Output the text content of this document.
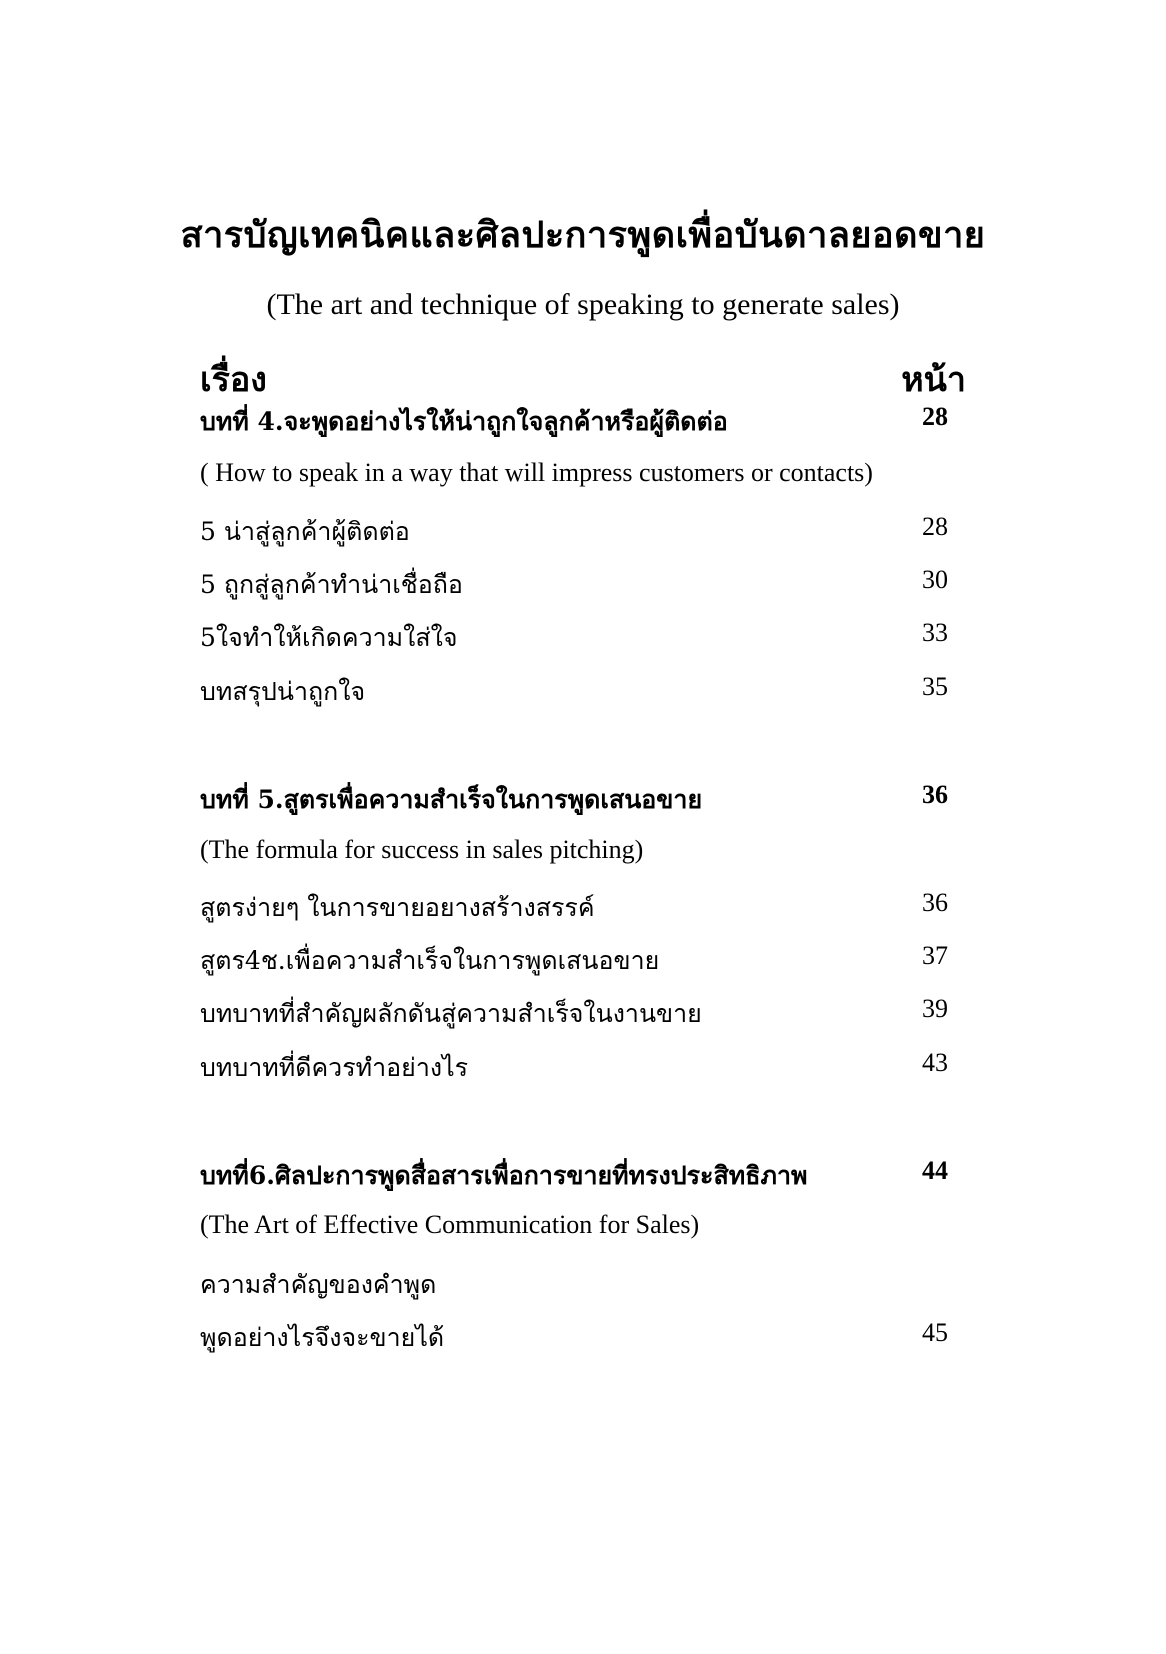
สารบัญเทคนิคและศิลปะการพูดเพื่อบันดาลยอดขาย
(The art and technique of speaking to generate sales)
เรื่อง	หน้า
บทที่ 4.จะพูดอย่างไรให้น่าถูกใจลูกค้าหรือผู้ติดต่อ	28
( How to speak in a way that will impress customers or contacts)
5 น่าสู่ลูกค้าผู้ติดต่อ	28
5 ถูกสู่ลูกค้าทำน่าเชื่อถือ	30
5ใจทำให้เกิดความใส่ใจ	33
บทสรุปน่าถูกใจ	35
บทที่ 5.สูตรเพื่อความสำเร็จในการพูดเสนอขาย	36
(The formula for success in sales pitching)
สูตรง่ายๆ ในการขายอยางสร้างสรรค์	36
สูตร4ช.เพื่อความสำเร็จในการพูดเสนอขาย	37
บทบาทที่สำคัญผลักดันสู่ความสำเร็จในงานขาย	39
บทบาทที่ดีควรทำอย่างไร	43
บทที่6.ศิลปะการพูดสื่อสารเพื่อการขายที่ทรงประสิทธิภาพ	44
(The Art of Effective Communication for Sales)
ความสำคัญของคำพูด
พูดอย่างไรจึงจะขายได้	45
